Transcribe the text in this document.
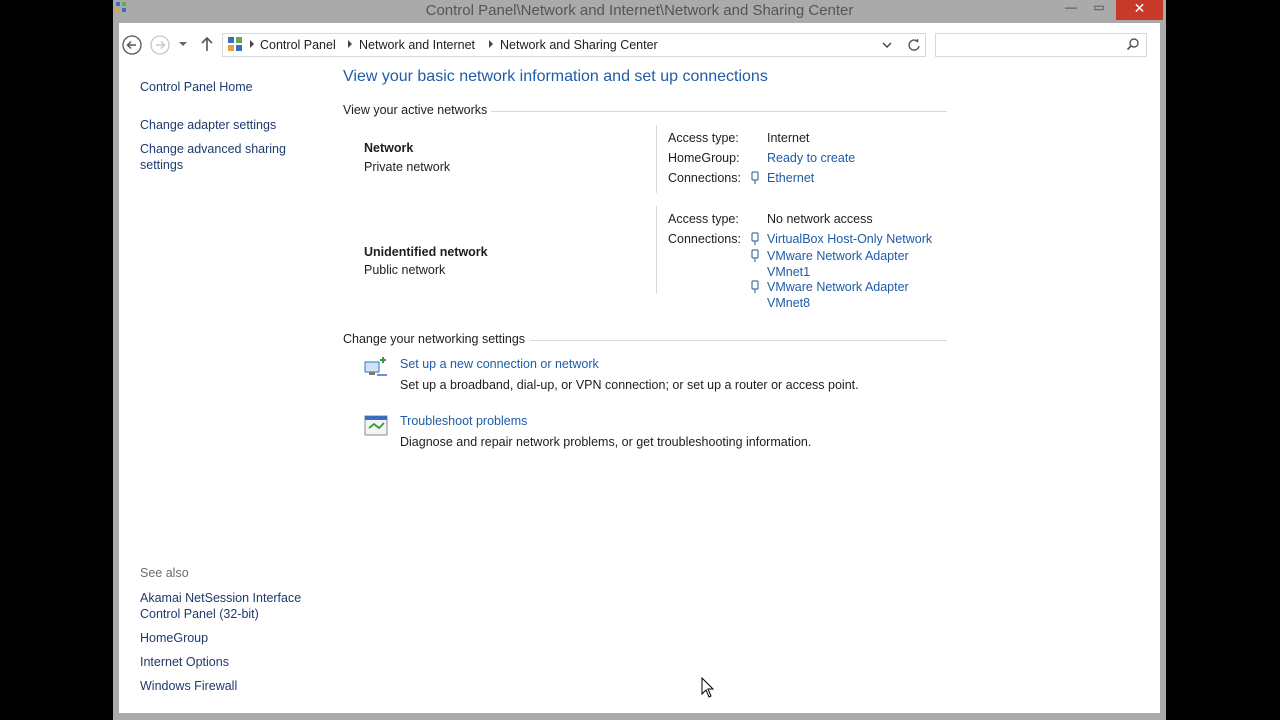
Control Panel\Network and Internet\Network and Sharing Center	—	▭	✕
Control Panel Network and Internet Network and Sharing Center
Control Panel Home
Change adapter settings
Change advanced sharing
settings
See also
Akamai NetSession Interface
Control Panel (32-bit)
HomeGroup
Internet Options
Windows Firewall
View your basic network information and set up connections
View your active networks
Network
Private network
Access type: Internet
HomeGroup: Ready to create
Connections: Ethernet
Unidentified network
Public network
Access type: No network access
Connections: VirtualBox Host-Only Network
VMware Network Adapter
VMnet1
VMware Network Adapter
VMnet8
Change your networking settings
Set up a new connection or network
Set up a broadband, dial-up, or VPN connection; or set up a router or access point.
Troubleshoot problems
Diagnose and repair network problems, or get troubleshooting information.
